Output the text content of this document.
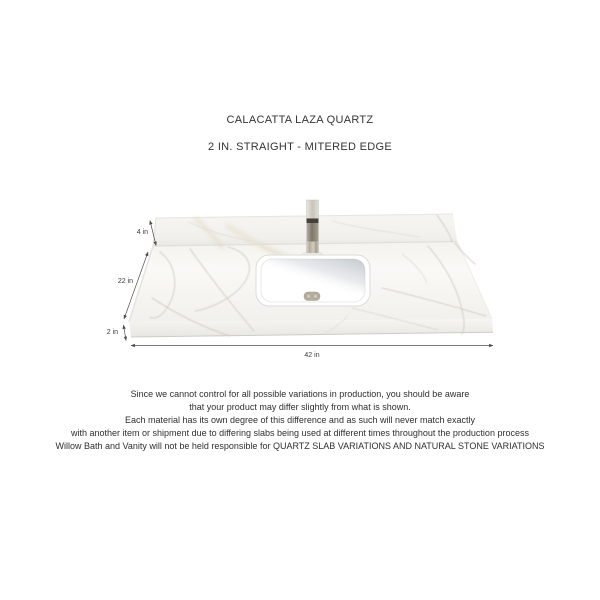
CALACATTA LAZA QUARTZ
2 IN. STRAIGHT - MITERED EDGE
4 in
22 in
2 in
42 in
Since we cannot control for all possible variations in production, you should be aware
that your product may differ slightly from what is shown.
Each material has its own degree of this difference and as such will never match exactly
with another item or shipment due to differing slabs being used at different times throughout the production process
Willow Bath and Vanity will not be held responsible for QUARTZ SLAB VARIATIONS AND NATURAL STONE VARIATIONS
